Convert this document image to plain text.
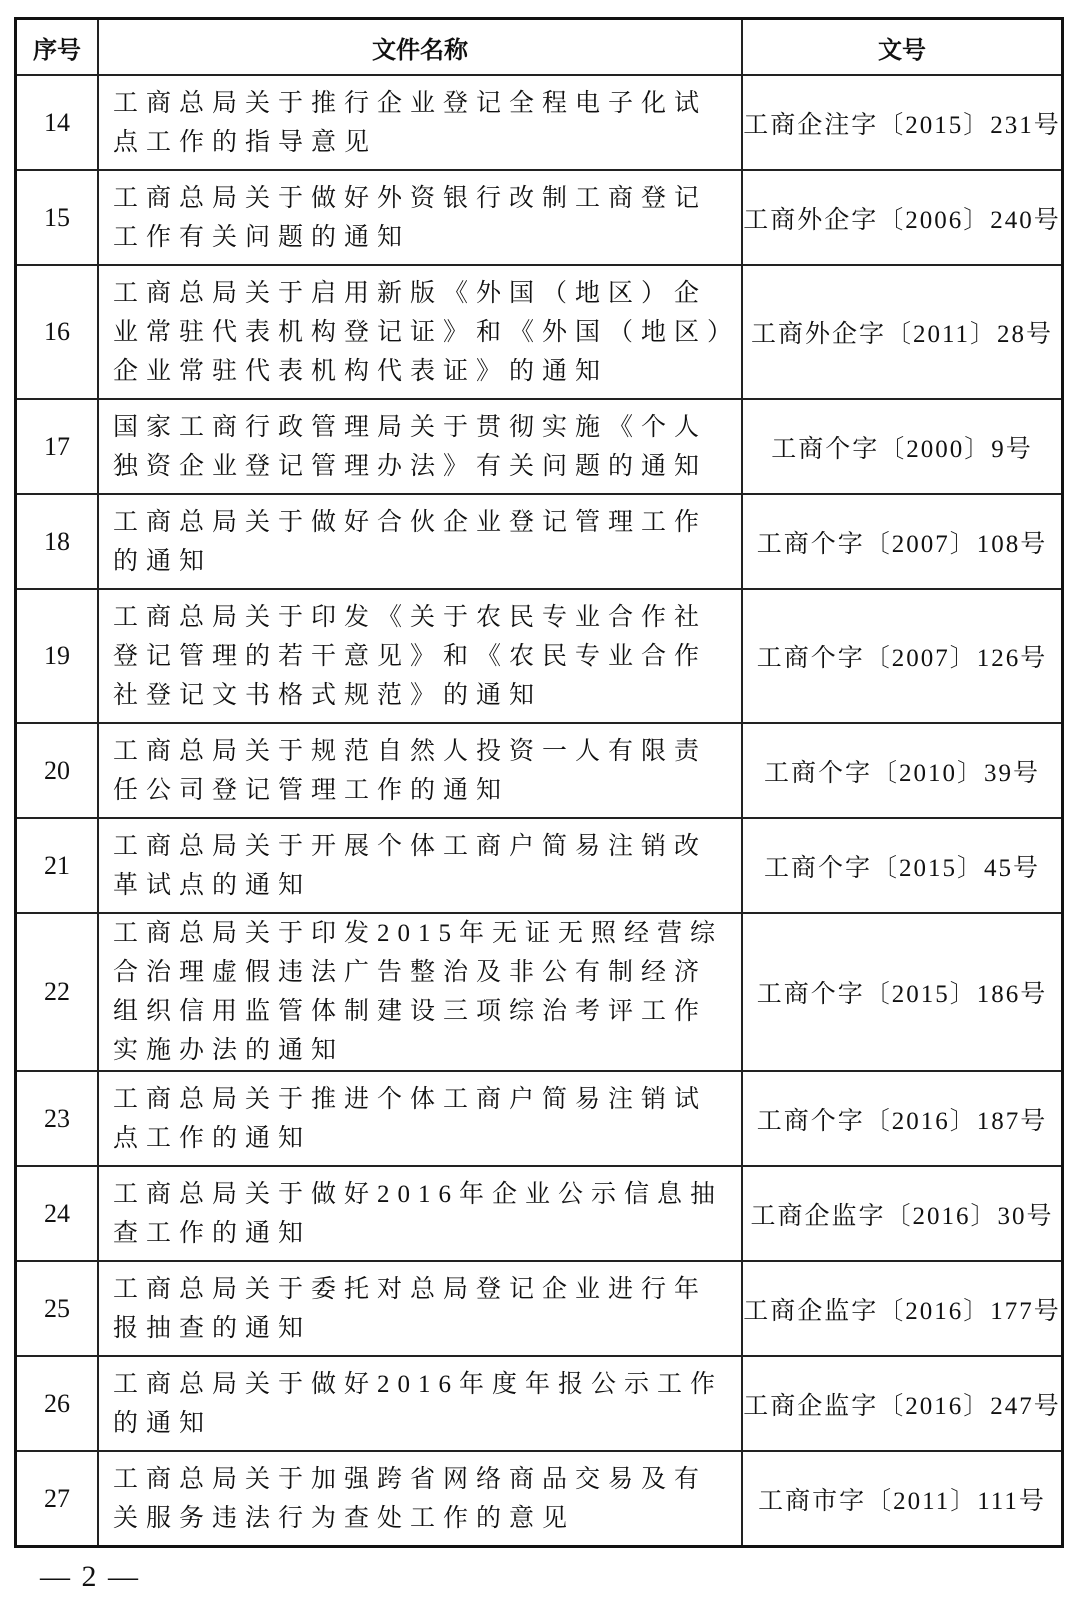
序号	文件名称	文号
14	工商总局关于推行企业登记全程电子化试点工作的指导意见	工商企注字〔2015〕231号
15	工商总局关于做好外资银行改制工商登记工作有关问题的通知	工商外企字〔2006〕240号
16	工商总局关于启用新版《外国（地区）企业常驻代表机构登记证》和《外国（地区）企业常驻代表机构代表证》的通知	工商外企字〔2011〕28号
17	国家工商行政管理局关于贯彻实施《个人独资企业登记管理办法》有关问题的通知	工商个字〔2000〕9号
18	工商总局关于做好合伙企业登记管理工作的通知	工商个字〔2007〕108号
19	工商总局关于印发《关于农民专业合作社登记管理的若干意见》和《农民专业合作社登记文书格式规范》的通知	工商个字〔2007〕126号
20	工商总局关于规范自然人投资一人有限责任公司登记管理工作的通知	工商个字〔2010〕39号
21	工商总局关于开展个体工商户简易注销改革试点的通知	工商个字〔2015〕45号
22	工商总局关于印发2015年无证无照经营综合治理虚假违法广告整治及非公有制经济组织信用监管体制建设三项综治考评工作实施办法的通知	工商个字〔2015〕186号
23	工商总局关于推进个体工商户简易注销试点工作的通知	工商个字〔2016〕187号
24	工商总局关于做好2016年企业公示信息抽查工作的通知	工商企监字〔2016〕30号
25	工商总局关于委托对总局登记企业进行年报抽查的通知	工商企监字〔2016〕177号
26	工商总局关于做好2016年度年报公示工作的通知	工商企监字〔2016〕247号
27	工商总局关于加强跨省网络商品交易及有关服务违法行为查处工作的意见	工商市字〔2011〕111号
— 2 —
